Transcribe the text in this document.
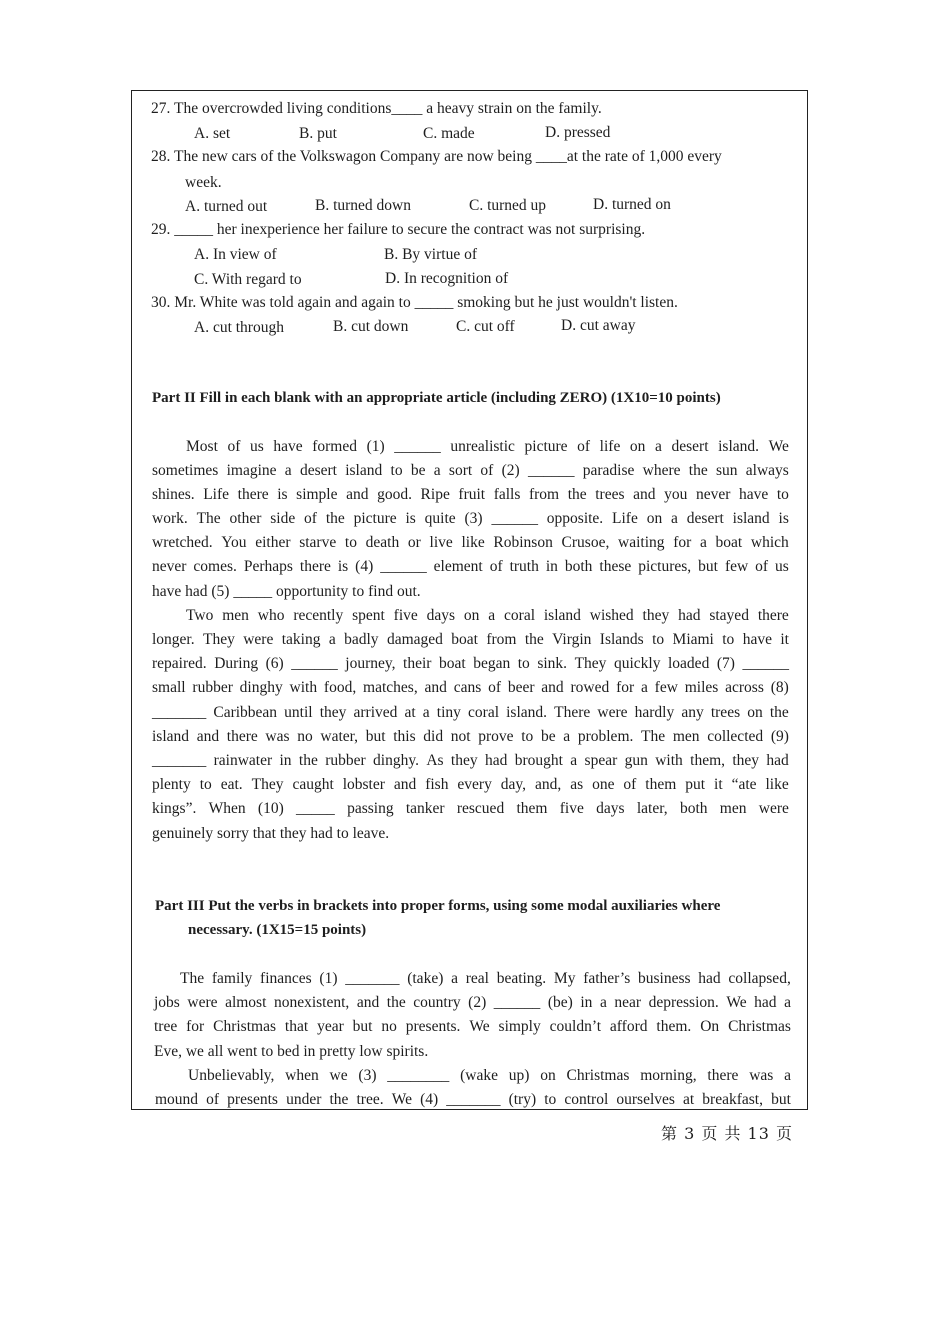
27. The overcrowded living conditions____ a heavy strain on the family.
A. set	B. put	C. made	D. pressed
28. The new cars of the Volkswagon Company are now being ____at the rate of 1,000 every
week.
A. turned out	B. turned down	C. turned up	D. turned on
29. _____ her inexperience her failure to secure the contract was not surprising.
A. In view of	B. By virtue of
C. With regard to	D. In recognition of
30. Mr. White was told again and again to _____ smoking but he just wouldn't listen.
A. cut through	B. cut down	C. cut off	D. cut away
Part II Fill in each blank with an appropriate article (including ZERO) (1X10=10 points)
Most of us have formed (1) ______ unrealistic picture of life on a desert island. We
sometimes imagine a desert island to be a sort of (2) ______ paradise where the sun always
shines. Life there is simple and good. Ripe fruit falls from the trees and you never have to
work. The other side of the picture is quite (3) ______ opposite. Life on a desert island is
wretched. You either starve to death or live like Robinson Crusoe, waiting for a boat which
never comes. Perhaps there is (4) ______ element of truth in both these pictures, but few of us
have had (5) _____ opportunity to find out.
Two men who recently spent five days on a coral island wished they had stayed there
longer. They were taking a badly damaged boat from the Virgin Islands to Miami to have it
repaired. During (6) ______ journey, their boat began to sink. They quickly loaded (7) ______
small rubber dinghy with food, matches, and cans of beer and rowed for a few miles across (8)
_______ Caribbean until they arrived at a tiny coral island. There were hardly any trees on the
island and there was no water, but this did not prove to be a problem. The men collected (9)
_______ rainwater in the rubber dinghy. As they had brought a spear gun with them, they had
plenty to eat. They caught lobster and fish every day, and, as one of them put it “ate like
kings”. When (10) _____ passing tanker rescued them five days later, both men were
genuinely sorry that they had to leave.
Part III Put the verbs in brackets into proper forms, using some modal auxiliaries where
necessary. (1X15=15 points)
The family finances (1) _______ (take) a real beating. My father’s business had collapsed,
jobs were almost nonexistent, and the country (2) ______ (be) in a near depression. We had a
tree for Christmas that year but no presents. We simply couldn’t afford them. On Christmas
Eve, we all went to bed in pretty low spirits.
Unbelievably, when we (3) ________ (wake up) on Christmas morning, there was a
mound of presents under the tree. We (4) _______ (try) to control ourselves at breakfast, but
第 3 页 共 13 页
